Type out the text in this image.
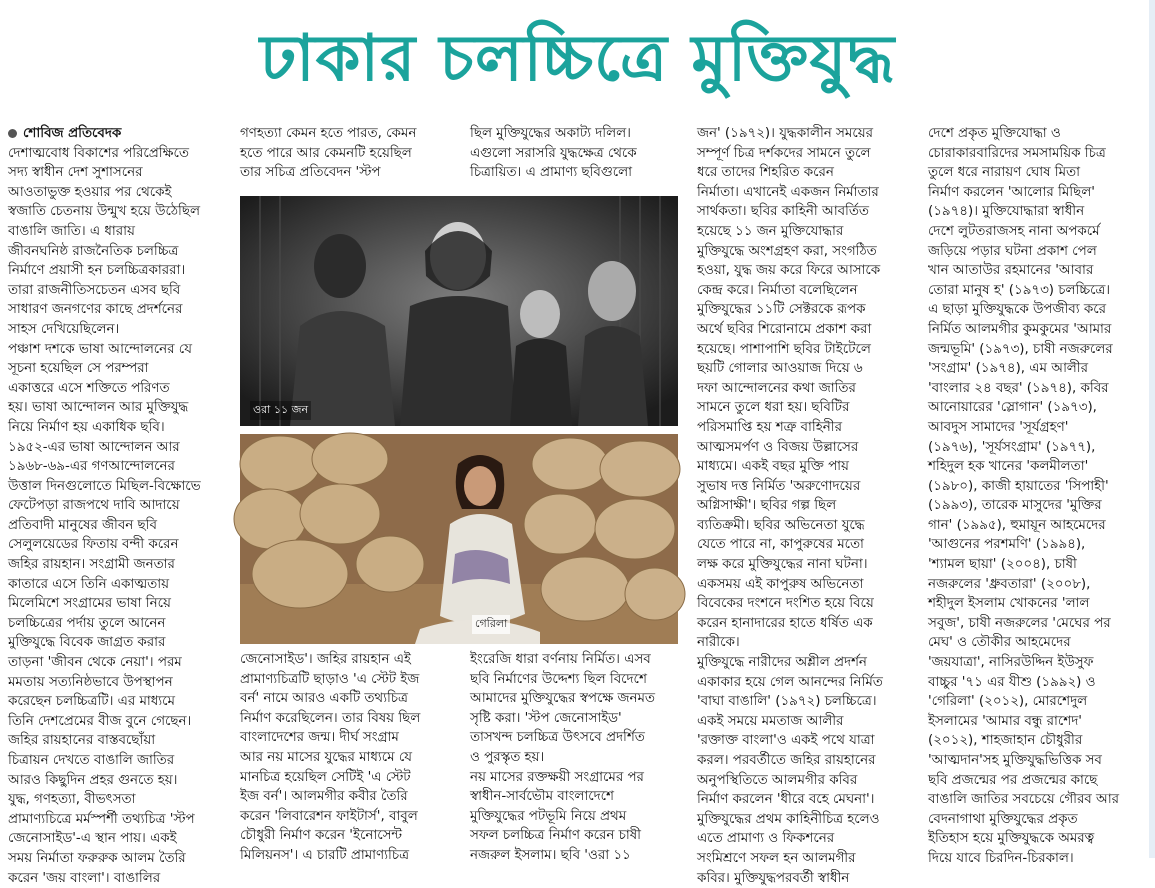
ঢাকার চলচ্চিত্রে মুক্তিযুদ্ধ
শোবিজ প্রতিবেদক
দেশাত্মবোধ বিকাশের পরিপ্রেক্ষিতে
সদ্য স্বাধীন দেশ সুশাসনের
আওতাভুক্ত হওয়ার পর থেকেই
স্বজাতি চেতনায় উন্মুখ হয়ে উঠেছিল
বাঙালি জাতি। এ ধারায়
জীবনঘনিষ্ঠ রাজনৈতিক চলচ্চিত্র
নির্মাণে প্রয়াসী হন চলচ্চিত্রকাররা।
তারা রাজনীতিসচেতন এসব ছবি
সাধারণ জনগণের কাছে প্রদর্শনের
সাহস দেখিয়েছিলেন।
পঞ্চাশ দশকে ভাষা আন্দোলনের যে
সূচনা হয়েছিল সে পরম্পরা
একাত্তরে এসে শক্তিতে পরিণত
হয়। ভাষা আন্দোলন আর মুক্তিযুদ্ধ
নিয়ে নির্মাণ হয় একাধিক ছবি।
১৯৫২-এর ভাষা আন্দোলন আর
১৯৬৮-৬৯-এর গণআন্দোলনের
উত্তাল দিনগুলোতে মিছিল-বিক্ষোভে
ফেটেপড়া রাজপথে দাবি আদায়ে
প্রতিবাদী মানুষের জীবন ছবি
সেলুলয়েডের ফিতায় বন্দী করেন
জহির রায়হান। সংগ্রামী জনতার
কাতারে এসে তিনি একাত্মতায়
মিলেমিশে সংগ্রামের ভাষা নিয়ে
চলচ্চিত্রের পর্দায় তুলে আনেন
মুক্তিযুদ্ধে বিবেক জাগ্রত করার
তাড়না 'জীবন থেকে নেয়া'। পরম
মমতায় সত্যনিষ্ঠভাবে উপস্থাপন
করেছেন চলচ্চিত্রটি। এর মাধ্যমে
তিনি দেশপ্রেমের বীজ বুনে গেছেন।
জহির রায়হানের বাস্তবছোঁয়া
চিত্রায়ন দেখতে বাঙালি জাতির
আরও কিছুদিন প্রহর গুনতে হয়।
যুদ্ধ, গণহত্যা, বীভৎসতা
প্রামাণ্যচিত্রে মর্মস্পর্শী তথ্যচিত্র 'স্টপ
জেনোসাইড'-এ স্থান পায়। একই
সময় নির্মাতা ফরুরুক আলম তৈরি
করেন 'জয় বাংলা'। বাঙালির
গণহত্যা কেমন হতে পারত, কেমন
হতে পারে আর কেমনটি হয়েছিল
তার সচিত্র প্রতিবেদন 'স্টপ
ছিল মুক্তিযুদ্ধের অকাট্য দলিল।
এগুলো সরাসরি যুদ্ধক্ষেত্র থেকে
চিত্রায়িত। এ প্রামাণ্য ছবিগুলো
ওরা ১১ জন
গেরিলা
জেনোসাইড'। জহির রায়হান এই
প্রামাণ্যচিত্রটি ছাড়াও 'এ স্টেট ইজ
বর্ন' নামে আরও একটি তথ্যচিত্র
নির্মাণ করেছিলেন। তার বিষয় ছিল
বাংলাদেশের জন্ম। দীর্ঘ সংগ্রাম
আর নয় মাসের যুদ্ধের মাধ্যমে যে
মানচিত্র হয়েছিল সেটিই 'এ স্টেট
ইজ বর্ন'। আলমগীর কবীর তৈরি
করেন 'লিবারেশন ফাইটার্স', বাবুল
চৌধুরী নির্মাণ করেন 'ইনোসেন্ট
মিলিয়নস'। এ চারটি প্রামাণ্যচিত্র
ইংরেজি ধারা বর্ণনায় নির্মিত। এসব
ছবি নির্মাণের উদ্দেশ্য ছিল বিদেশে
আমাদের মুক্তিযুদ্ধের স্বপক্ষে জনমত
সৃষ্টি করা। 'স্টপ জেনোসাইড'
তাসখন্দ চলচ্চিত্র উৎসবে প্রদর্শিত
ও পুরস্কৃত হয়।
নয় মাসের রক্তক্ষয়ী সংগ্রামের পর
স্বাধীন-সার্বভৌম বাংলাদেশে
মুক্তিযুদ্ধের পটভূমি নিয়ে প্রথম
সফল চলচ্চিত্র নির্মাণ করেন চাষী
নজরুল ইসলাম। ছবি 'ওরা ১১
জন' (১৯৭২)। যুদ্ধকালীন সময়ের
সম্পূর্ণ চিত্র দর্শকদের সামনে তুলে
ধরে তাদের শিহরিত করেন
নির্মাতা। এখানেই একজন নির্মাতার
সার্থকতা। ছবির কাহিনী আবর্তিত
হয়েছে ১১ জন মুক্তিযোদ্ধার
মুক্তিযুদ্ধে অংশগ্রহণ করা, সংগঠিত
হওয়া, যুদ্ধ জয় করে ফিরে আসাকে
কেন্দ্র করে। নির্মাতা বলেছিলেন
মুক্তিযুদ্ধের ১১টি সেক্টরকে রূপক
অর্থে ছবির শিরোনামে প্রকাশ করা
হয়েছে। পাশাপাশি ছবির টাইটেলে
ছয়টি গোলার আওয়াজ দিয়ে ৬
দফা আন্দোলনের কথা জাতির
সামনে তুলে ধরা হয়। ছবিটির
পরিসমাপ্তি হয় শত্রু বাহিনীর
আত্মসমর্পণ ও বিজয় উল্লাসের
মাধ্যমে। একই বছর মুক্তি পায়
সুভাষ দত্ত নির্মিত 'অরুণোদয়ের
অগ্নিসাক্ষী'। ছবির গল্প ছিল
ব্যতিক্রমী। ছবির অভিনেতা যুদ্ধে
যেতে পারে না, কাপুরুষের মতো
লক্ষ করে মুক্তিযুদ্ধের নানা ঘটনা।
একসময় এই কাপুরুষ অভিনেতা
বিবেকের দংশনে দংশিত হয়ে বিয়ে
করেন হানাদারের হাতে ধর্ষিত এক
নারীকে।
মুক্তিযুদ্ধে নারীদের অশ্লীল প্রদর্শন
একাকার হয়ে গেল আনন্দের নির্মিত
'বাঘা বাঙালি' (১৯৭২) চলচ্চিত্রে।
একই সময়ে মমতাজ আলীর
'রক্তাক্ত বাংলা'ও একই পথে যাত্রা
করল। পরবর্তীতে জহির রায়হানের
অনুপস্থিতিতে আলমগীর কবির
নির্মাণ করলেন 'ধীরে বহে মেঘনা'।
মুক্তিযুদ্ধের প্রথম কাহিনীচিত্র হলেও
এতে প্রামাণ্য ও ফিকশনের
সংমিশ্রণে সফল হন আলমগীর
কবির। মুক্তিযুদ্ধপরবর্তী স্বাধীন
দেশে প্রকৃত মুক্তিযোদ্ধা ও
চোরাকারবারিদের সমসাময়িক চিত্র
তুলে ধরে নারায়ণ ঘোষ মিতা
নির্মাণ করলেন 'আলোর মিছিল'
(১৯৭৪)। মুক্তিযোদ্ধারা স্বাধীন
দেশে লুটতরাজসহ নানা অপকর্মে
জড়িয়ে পড়ার ঘটনা প্রকাশ পেল
খান আতাউর রহমানের 'আবার
তোরা মানুষ হ' (১৯৭৩) চলচ্চিত্রে।
এ ছাড়া মুক্তিযুদ্ধকে উপজীব্য করে
নির্মিত আলমগীর কুমকুমের 'আমার
জন্মভূমি' (১৯৭৩), চাষী নজরুলের
'সংগ্রাম' (১৯৭৪), এম আলীর
'বাংলার ২৪ বছর' (১৯৭৪), কবির
আনোয়ারের 'স্লোগান' (১৯৭৩),
আবদুস সামাদের 'সূর্যগ্রহণ'
(১৯৭৬), 'সূর্যসংগ্রাম' (১৯৭৭),
শহিদুল হক খানের 'কলমীলতা'
(১৯৮০), কাজী হায়াতের 'সিপাহী'
(১৯৯৩), তারেক মাসুদের 'মুক্তির
গান' (১৯৯৫), হুমায়ূন আহমেদের
'আগুনের পরশমণি' (১৯৯৪),
'শ্যামল ছায়া' (২০০৪), চাষী
নজরুলের 'ধ্রুবতারা' (২০০৮),
শহীদুল ইসলাম খোকনের 'লাল
সবুজ', চাষী নজরুলের 'মেঘের পর
মেঘ' ও তৌকীর আহমেদের
'জয়যাত্রা', নাসিরউদ্দিন ইউসুফ
বাচ্চুর '৭১ এর যীশু (১৯৯২) ও
'গেরিলা' (২০১২), মোরশেদুল
ইসলামের 'আমার বন্ধু রাশেদ'
(২০১২), শাহজাহান চৌধুরীর
'আত্মদান'সহ মুক্তিযুদ্ধভিত্তিক সব
ছবি প্রজন্মের পর প্রজন্মের কাছে
বাঙালি জাতির সবচেয়ে গৌরব আর
বেদনাগাথা মুক্তিযুদ্ধের প্রকৃত
ইতিহাস হয়ে মুক্তিযুদ্ধকে অমরত্ব
দিয়ে যাবে চিরদিন-চিরকাল।
